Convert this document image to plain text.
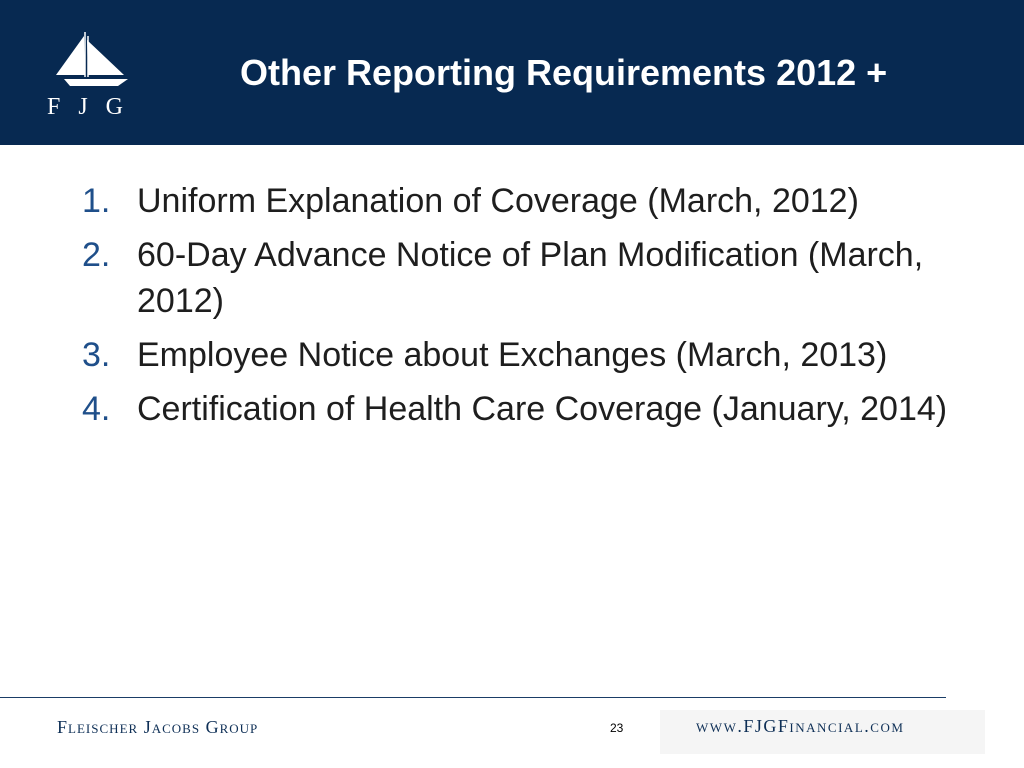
F J G
Other Reporting Requirements 2012 +
1. Uniform Explanation of Coverage (March, 2012)
2. 60-Day Advance Notice of Plan Modification (March, 2012)
3. Employee Notice about Exchanges (March, 2013)
4. Certification of Health Care Coverage (January, 2014)
FLEISCHER JACOBS GROUP	23	WWW.FJGFINANCIAL.COM
